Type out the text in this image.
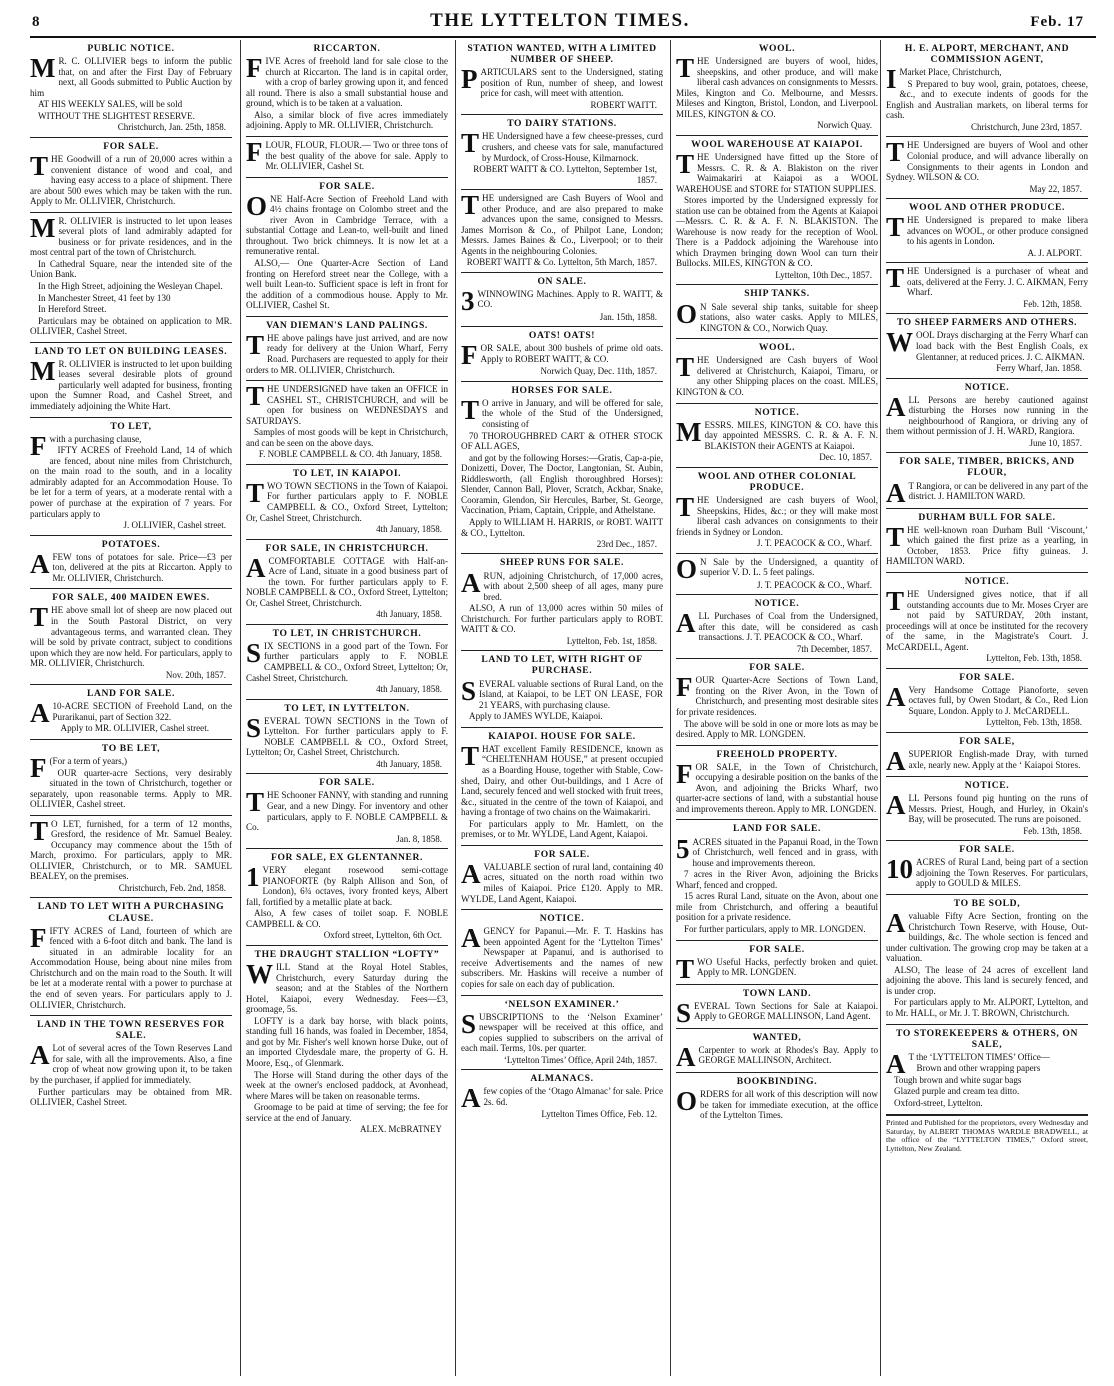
8	THE LYTTELTON TIMES.	Feb. 17
PUBLIC NOTICE.

M R. C. OLLIVIER begs to inform the public that, on and after the First Day of February next, all Goods submitted to Public Auction by him

AT HIS WEEKLY SALES, will be sold

WITHOUT THE SLIGHTEST RESERVE.

Christchurch, Jan. 25th, 1858.
FOR SALE.

THE Goodwill of a run of 20,000 acres within a convenient distance of wood and coal, and having easy access to a place of shipment. There are about 500 ewes which may be taken with the run. Apply to Mr. OLLIVIER, Christchurch.

M R. OLLIVIER is instructed to let upon leases several plots of land admirably adapted for business or for private residences, and in the most central part of the town of Christchurch.

In Cathedral Square, near the intended site of the Union Bank.

In the High Street, adjoining the Wesleyan Chapel.

In Manchester Street, 41 feet by 130

In Hereford Street.

Particulars may be obtained on application to MR. OLLIVIER, Cashel Street.

LAND TO LET ON BUILDING LEASES.

M R. OLLIVIER is instructed to let upon building leases several desirable plots of ground particularly well adapted for business, fronting upon the Sumner Road, and Cashel Street, and immediately adjoining the White Hart.

TO LET,

Fwith a purchasing clause,

IFTY ACRES of Freehold Land, 14 of which are fenced, about nine miles from Christchurch, on the main road to the south, and in a locality admirably adapted for an Accommodation House. To be let for a term of years, at a moderate rental with a power of purchase at the expiration of 7 years. For particulars apply to

J. OLLIVIER, Cashel street.
POTATOES.

AFEW tons of potatoes for sale. Price—£3 per ton, delivered at the pits at Riccarton. Apply to Mr. OLLIVIER, Christchurch.

FOR SALE, 400 MAIDEN EWES.

THE above small lot of sheep are now placed out in the South Pastoral District, on very advantageous terms, and warranted clean. They will be sold by private contract, subject to conditions upon which they are now held. For particulars, apply to MR. OLLIVIER, Christchurch.

Nov. 20th, 1857.
LAND FOR SALE.

A 10-ACRE SECTION of Freehold Land, on the Purarikanui, part of Section 322.

Apply to MR. OLLIVIER, Cashel street.

TO BE LET,

F (For a term of years,)

OUR quarter-acre Sections, very desirably situated in the town of Christchurch, together or separately, upon reasonable terms. Apply to MR. OLLIVIER, Cashel street.

T O LET, furnished, for a term of 12 months, Gresford, the residence of Mr. Samuel Bealey. Occupancy may commence about the 15th of March, proximo. For particulars, apply to MR. OLLIVIER, Christchurch, or to MR. SAMUEL BEALEY, on the premises.

Christchurch, Feb. 2nd, 1858.
LAND TO LET WITH A PURCHASING CLAUSE.

FIFTY ACRES of Land, fourteen of which are fenced with a 6-foot ditch and bank. The land is situated in an admirable locality for an Accommodation House, being about nine miles from Christchurch and on the main road to the South. It will be let at a moderate rental with a power to purchase at the end of seven years. For particulars apply to J. OLLIVIER, Christchurch.

LAND IN THE TOWN RESERVES FOR SALE.

A Lot of several acres of the Town Reserves Land for sale, with all the improvements. Also, a fine crop of wheat now growing upon it, to be taken by the purchaser, if applied for immediately.

Further particulars may be obtained from MR. OLLIVIER, Cashel Street.

RICCARTON.

FIVE Acres of freehold land for sale close to the church at Riccarton. The land is in capital order, with a crop of barley growing upon it, and fenced all round. There is also a small substantial house and ground, which is to be taken at a valuation.

Also, a similar block of five acres immediately adjoining. Apply to MR. OLLIVIER, Christchurch.

FLOUR, FLOUR, FLOUR.— Two or three tons of the best quality of the above for sale. Apply to Mr. OLLIVIER, Cashel St.

FOR SALE.

ONE Half-Acre Section of Freehold Land with 4½ chains frontage on Colombo street and the river Avon in Cambridge Terrace, with a substantial Cottage and Lean-to, well-built and lined throughout. Two brick chimneys. It is now let at a remunerative rental.

ALSO,— One Quarter-Acre Section of Land fronting on Hereford street near the College, with a well built Lean-to. Sufficient space is left in front for the addition of a commodious house. Apply to Mr. OLLIVIER, Cashel St.

VAN DIEMAN'S LAND PALINGS.

THE above palings have just arrived, and are now ready for delivery at the Union Wharf, Ferry Road. Purchasers are requested to apply for their orders to MR. OLLIVIER, Christchurch.

THE UNDERSIGNED have taken an OFFICE in CASHEL ST., CHRISTCHURCH, and will be open for business on WEDNESDAYS and SATURDAYS.

Samples of most goods will be kept in Christchurch, and can be seen on the above days.

F. NOBLE CAMPBELL & CO. 4th January, 1858.
TO LET, IN KAIAPOI.

TWO TOWN SECTIONS in the Town of Kaiapoi. For further particulars apply to F. NOBLE CAMPBELL & CO., Oxford Street, Lyttelton; Or, Cashel Street, Christchurch.

4th January, 1858.
FOR SALE, IN CHRISTCHURCH.

ACOMFORTABLE COTTAGE with Half-an-Acre of Land, situate in a good business part of the town. For further particulars apply to F. NOBLE CAMPBELL & CO., Oxford Street, Lyttelton; Or, Cashel Street, Christchurch.

4th January, 1858.
TO LET, IN CHRISTCHURCH.

SIX SECTIONS in a good part of the Town. For further particulars apply to F. NOBLE CAMPBELL & CO., Oxford Street, Lyttelton; Or, Cashel Street, Christchurch.

4th January, 1858.
TO LET, IN LYTTELTON.

SEVERAL TOWN SECTIONS in the Town of Lyttelton. For further particulars apply to F. NOBLE CAMPBELL & CO., Oxford Street, Lyttelton; Or, Cashel Street, Christchurch.

4th January, 1858.
FOR SALE.

THE Schooner FANNY, with standing and running Gear, and a new Dingy. For inventory and other particulars, apply to F. NOBLE CAMPBELL & Co.

Jan. 8, 1858.
FOR SALE, EX GLENTANNER.

1 VERY elegant rosewood semi-cottage PIANOFORTE (by Ralph Allison and Son, of London), 6¾ octaves, ivory fronted keys, Albert fall, fortified by a metallic plate at back.

Also, A few cases of toilet soap. F. NOBLE CAMPBELL & CO.

Oxford street, Lyttelton, 6th Oct.
THE DRAUGHT STALLION “LOFTY”

WILL Stand at the Royal Hotel Stables, Christchurch, every Saturday during the season; and at the Stables of the Northern Hotel, Kaiapoi, every Wednesday. Fees—£3, groomage, 5s.

LOFTY is a dark bay horse, with black points, standing full 16 hands, was foaled in December, 1854, and got by Mr. Fisher's well known horse Duke, out of an imported Clydesdale mare, the property of G. H. Moore, Esq., of Glenmark.

The Horse will Stand during the other days of the week at the owner's enclosed paddock, at Avonhead, where Mares will be taken on reasonable terms.

Groomage to be paid at time of serving; the fee for service at the end of January.

ALEX. McBRATNEY
STATION WANTED, WITH A LIMITED NUMBER OF SHEEP.

PARTICULARS sent to the Undersigned, stating position of Run, number of sheep, and lowest price for cash, will meet with attention.

ROBERT WAITT.
TO DAIRY STATIONS.

THE Undersigned have a few cheese-presses, curd crushers, and cheese vats for sale, manufactured by Murdock, of Cross-House, Kilmarnock.

ROBERT WAITT & CO. Lyttelton, September 1st, 1857.

THE undersigned are Cash Buyers of Wool and other Produce, and are also prepared to make advances upon the same, consigned to Messrs. James Morrison & Co., of Philpot Lane, London; Messrs. James Baines & Co., Liverpool; or to their Agents in the neighbouring Colonies.

ROBERT WAITT & Co. Lyttelton, 5th March, 1857.
ON SALE.

3 WINNOWING Machines. Apply to R. WAITT, & CO.

Jan. 15th, 1858.
OATS! OATS!

FOR SALE, about 300 bushels of prime old oats. Apply to ROBERT WAITT, & CO.

Norwich Quay, Dec. 11th, 1857.
HORSES FOR SALE.

T O arrive in January, and will be offered for sale, the whole of the Stud of the Undersigned, consisting of

70 THOROUGHBRED CART & OTHER STOCK OF ALL AGES,

and got by the following Horses:—Gratis, Cap-a-pie, Donizetti, Dover, The Doctor, Langtonian, St. Aubin, Riddlesworth, (all English thoroughbred Horses): Slender, Cannon Ball, Plover, Scratch, Ackbar, Snake, Cooramin, Glendon, Sir Hercules, Barber, St. George, Vaccination, Priam, Captain, Cripple, and Athelstane.

Apply to WILLIAM H. HARRIS, or ROBT. WAITT & CO., Lyttelton.

23rd Dec., 1857.
SHEEP RUNS FOR SALE.

ARUN, adjoining Christchurch, of 17,000 acres, with about 2,500 sheep of all ages, many pure bred.

ALSO, A run of 13,000 acres within 50 miles of Christchurch. For further particulars apply to ROBT. WAITT & CO.

Lyttelton, Feb. 1st, 1858.
LAND TO LET, WITH RIGHT OF PURCHASE.

SEVERAL valuable sections of Rural Land, on the Island, at Kaiapoi, to be LET ON LEASE, FOR 21 YEARS, with purchasing clause.

Apply to JAMES WYLDE, Kaiapoi.

KAIAPOI. HOUSE FOR SALE.

THAT excellent Family RESIDENCE, known as “CHELTENHAM HOUSE,” at present occupied as a Boarding House, together with Stable, Cow-shed, Dairy, and other Out-buildings, and 1 Acre of Land, securely fenced and well stocked with fruit trees, &c., situated in the centre of the town of Kaiapoi, and having a frontage of two chains on the Waimakariri.

For particulars apply to Mr. Hamlett, on the premises, or to Mr. WYLDE, Land Agent, Kaiapoi.

FOR SALE.

AVALUABLE section of rural land, containing 40 acres, situated on the north road within two miles of Kaiapoi. Price £120. Apply to MR. WYLDE, Land Agent, Kaiapoi.

NOTICE.

AGENCY for Papanui.—Mr. F. T. Haskins has been appointed Agent for the ‘Lyttelton Times’ Newspaper at Papanui, and is authorised to receive Advertisements and the names of new subscribers. Mr. Haskins will receive a number of copies for sale on each day of publication.

‘NELSON EXAMINER.’

SUBSCRIPTIONS to the ‘Nelson Examiner’ newspaper will be received at this office, and copies supplied to subscribers on the arrival of each mail. Terms, 10s. per quarter.

‘Lyttelton Times’ Office, April 24th, 1857.
ALMANACS.

Afew copies of the ‘Otago Almanac’ for sale. Price 2s. 6d.

Lyttelton Times Office, Feb. 12.
WOOL.

THE Undersigned are buyers of wool, hides, sheepskins, and other produce, and will make liberal cash advances on consignments to Messrs. Miles, Kington and Co. Melbourne, and Messrs. Mileses and Kington, Bristol, London, and Liverpool. MILES, KINGTON & CO.

Norwich Quay.
WOOL WAREHOUSE AT KAIAPOI.

THE Undersigned have fitted up the Store of Messrs. C. R. & A. Blakiston on the river Waimakariri at Kaiapoi as a WOOL WAREHOUSE and STORE for STATION SUPPLIES.

Stores imported by the Undersigned expressly for station use can be obtained from the Agents at Kaiapoi—Messrs. C. R. & A. F. N. BLAKISTON. The Warehouse is now ready for the reception of Wool. There is a Paddock adjoining the Warehouse into which Draymen bringing down Wool can turn their Bullocks. MILES, KINGTON & CO.

Lyttelton, 10th Dec., 1857.
SHIP TANKS.

O N Sale several ship tanks, suitable for sheep stations, also water casks. Apply to MILES, KINGTON & CO., Norwich Quay.

WOOL.

THE Undersigned are Cash buyers of Wool delivered at Christchurch, Kaiapoi, Timaru, or any other Shipping places on the coast. MILES, KINGTON & CO.

NOTICE.

MESSRS. MILES, KINGTON & CO. have this day appointed MESSRS. C. R. & A. F. N. BLAKISTON their AGENTS at Kaiapoi.

Dec. 10, 1857.
WOOL AND OTHER COLONIAL PRODUCE.

THE Undersigned are cash buyers of Wool, Sheepskins, Hides, &c.; or they will make most liberal cash advances on consignments to their friends in Sydney or London.

J. T. PEACOCK & CO., Wharf.

O N Sale by the Undersigned, a quantity of superior V. D. L. 5 feet palings.

J. T. PEACOCK & CO., Wharf.
NOTICE.

ALL Purchases of Coal from the Undersigned, after this date, will be considered as cash transactions. J. T. PEACOCK & CO., Wharf.

7th December, 1857.
FOR SALE.

FOUR Quarter-Acre Sections of Town Land, fronting on the River Avon, in the Town of Christchurch, and presenting most desirable sites for private residences.

The above will be sold in one or more lots as may be desired. Apply to MR. LONGDEN.

FREEHOLD PROPERTY.

FOR SALE, in the Town of Christchurch, occupying a desirable position on the banks of the Avon, and adjoining the Bricks Wharf, two quarter-acre sections of land, with a substantial house and improvements thereon. Apply to MR. LONGDEN.

LAND FOR SALE.

5 ACRES situated in the Papanui Road, in the Town of Christchurch, well fenced and in grass, with house and improvements thereon.

7 acres in the River Avon, adjoining the Bricks Wharf, fenced and cropped.

15 acres Rural Land, situate on the Avon, about one mile from Christchurch, and offering a beautiful position for a private residence.

For further particulars, apply to MR. LONGDEN.

FOR SALE.

TWO Useful Hacks, perfectly broken and quiet. Apply to MR. LONGDEN.

TOWN LAND.

SEVERAL Town Sections for Sale at Kaiapoi. Apply to GEORGE MALLINSON, Land Agent.

WANTED,

A Carpenter to work at Rhodes's Bay. Apply to GEORGE MALLINSON, Architect.

BOOKBINDING.

ORDERS for all work of this description will now be taken for immediate execution, at the office of the Lyttelton Times.

H. E. ALPORT, MERCHANT, AND COMMISSION AGENT,

I Market Place, Christchurch,

S Prepared to buy wool, grain, potatoes, cheese, &c., and to execute indents of goods for the English and Australian markets, on liberal terms for cash.

Christchurch, June 23rd, 1857.

THE Undersigned are buyers of Wool and other Colonial produce, and will advance liberally on Consignments to their agents in London and Sydney. WILSON & CO.

May 22, 1857.
WOOL AND OTHER PRODUCE.

THE Undersigned is prepared to make libera advances on WOOL, or other produce consigned to his agents in London.

A. J. ALPORT.

THE Undersigned is a purchaser of wheat and oats, delivered at the Ferry. J. C. AIKMAN, Ferry Wharf.

Feb. 12th, 1858.
TO SHEEP FARMERS AND OTHERS.

WOOL Drays discharging at the Ferry Wharf can load back with the Best English Coals, ex Glentanner, at reduced prices. J. C. AIKMAN.

Ferry Wharf, Jan. 1858.
NOTICE.

ALL Persons are hereby cautioned against disturbing the Horses now running in the neighbourhood of Rangiora, or driving any of them without permission of J. H. WARD, Rangiora.

June 10, 1857.
FOR SALE, TIMBER, BRICKS, AND FLOUR,

A T Rangiora, or can be delivered in any part of the district. J. HAMILTON WARD.

DURHAM BULL FOR SALE.

THE well-known roan Durham Bull ‘Viscount,’ which gained the first prize as a yearling, in October, 1853. Price fifty guineas. J. HAMILTON WARD.

NOTICE.

THE Undersigned gives notice, that if all outstanding accounts due to Mr. Moses Cryer are not paid by SATURDAY, 20th instant, proceedings will at once be instituted for the recovery of the same, in the Magistrate's Court. J. McCARDELL, Agent.

Lyttelton, Feb. 13th, 1858.
FOR SALE.

A Very Handsome Cottage Pianoforte, seven octaves full, by Owen Stodart, & Co., Red Lion Square, London. Apply to J. McCARDELL.

Lyttelton, Feb. 13th, 1858.
FOR SALE,

ASUPERIOR English-made Dray, with turned axle, nearly new. Apply at the ‘ Kaiapoi Stores.

NOTICE.

ALL Persons found pig hunting on the runs of Messrs. Priest, Hough, and Hurley, in Okain's Bay, will be prosecuted. The runs are poisoned.

Feb. 13th, 1858.
FOR SALE.

10 ACRES of Rural Land, being part of a section adjoining the Town Reserves. For particulars, apply to GOULD & MILES.

TO BE SOLD,

Avaluable Fifty Acre Section, fronting on the Christchurch Town Reserve, with House, Out-buildings, &c. The whole section is fenced and under cultivation. The growing crop may be taken at a valuation.

ALSO, The lease of 24 acres of excellent land adjoining the above. This land is securely fenced, and is under crop.

For particulars apply to Mr. ALPORT, Lyttelton, and to Mr. HALL, or Mr. J. T. BROWN, Christchurch.

TO STOREKEEPERS & OTHERS, ON SALE,

A T the ‘LYTTELTON TIMES’ Office—

Brown and other wrapping papers

Tough brown and white sugar bags

Glazed purple and cream tea ditto.

Oxford-street, Lyttelton.

Printed and Published for the proprietors, every Wednesday and Saturday, by ALBERT THOMAS WARDLE BRADWELL, at the office of the “LYTTELTON TIMES,” Oxford street, Lyttelton, New Zealand.
